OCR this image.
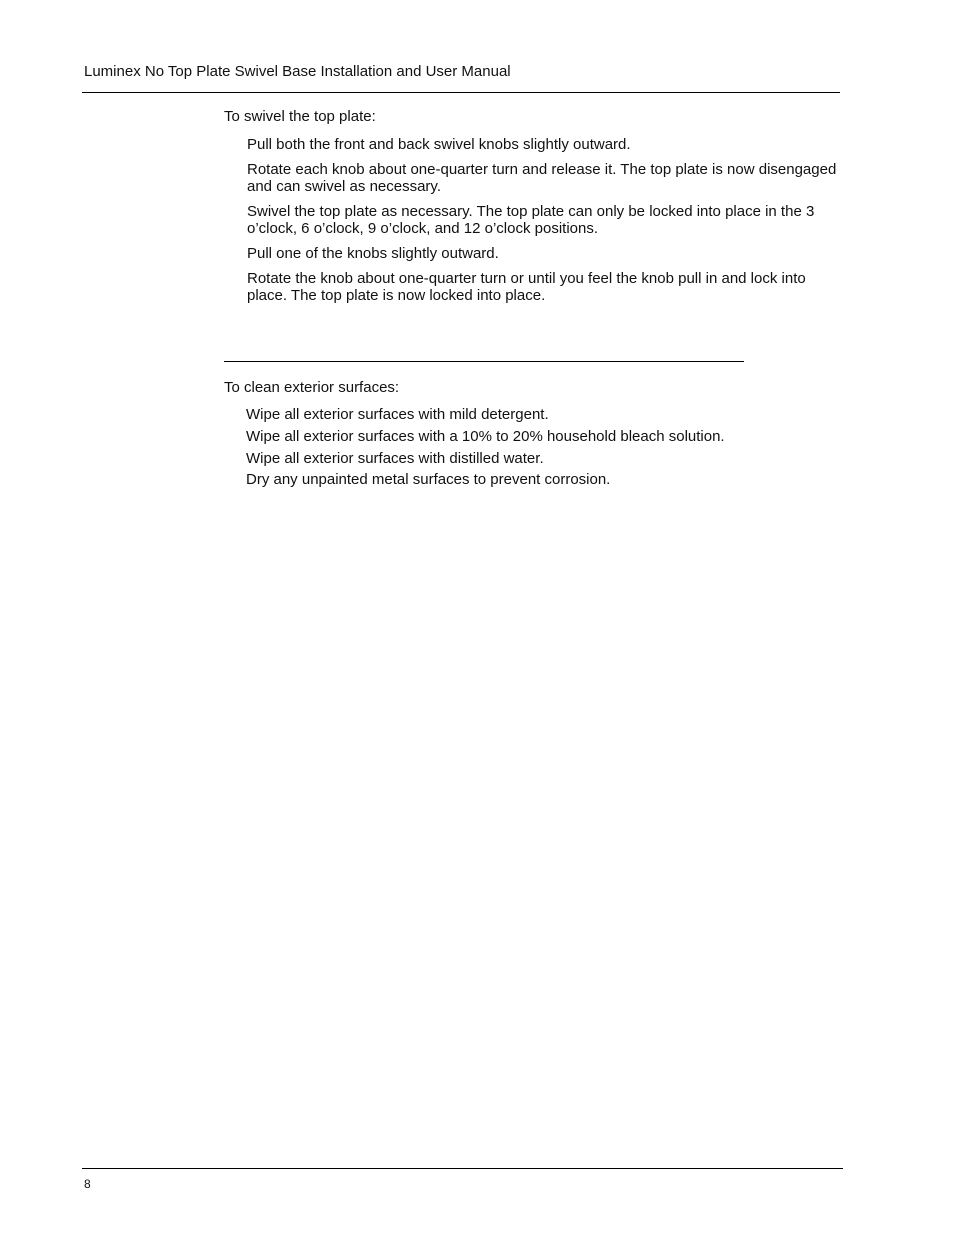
Luminex No Top Plate Swivel Base Installation and User Manual
To swivel the top plate:
Pull both the front and back swivel knobs slightly outward.
Rotate each knob about one-quarter turn and release it. The top plate is now disengaged and can swivel as necessary.
Swivel the top plate as necessary. The top plate can only be locked into place in the 3 o’clock, 6 o’clock, 9 o’clock, and 12 o’clock positions.
Pull one of the knobs slightly outward.
Rotate the knob about one-quarter turn or until you feel the knob pull in and lock into place. The top plate is now locked into place.
To clean exterior surfaces:
Wipe all exterior surfaces with mild detergent.
Wipe all exterior surfaces with a 10% to 20% household bleach solution.
Wipe all exterior surfaces with distilled water.
Dry any unpainted metal surfaces to prevent corrosion.
8
